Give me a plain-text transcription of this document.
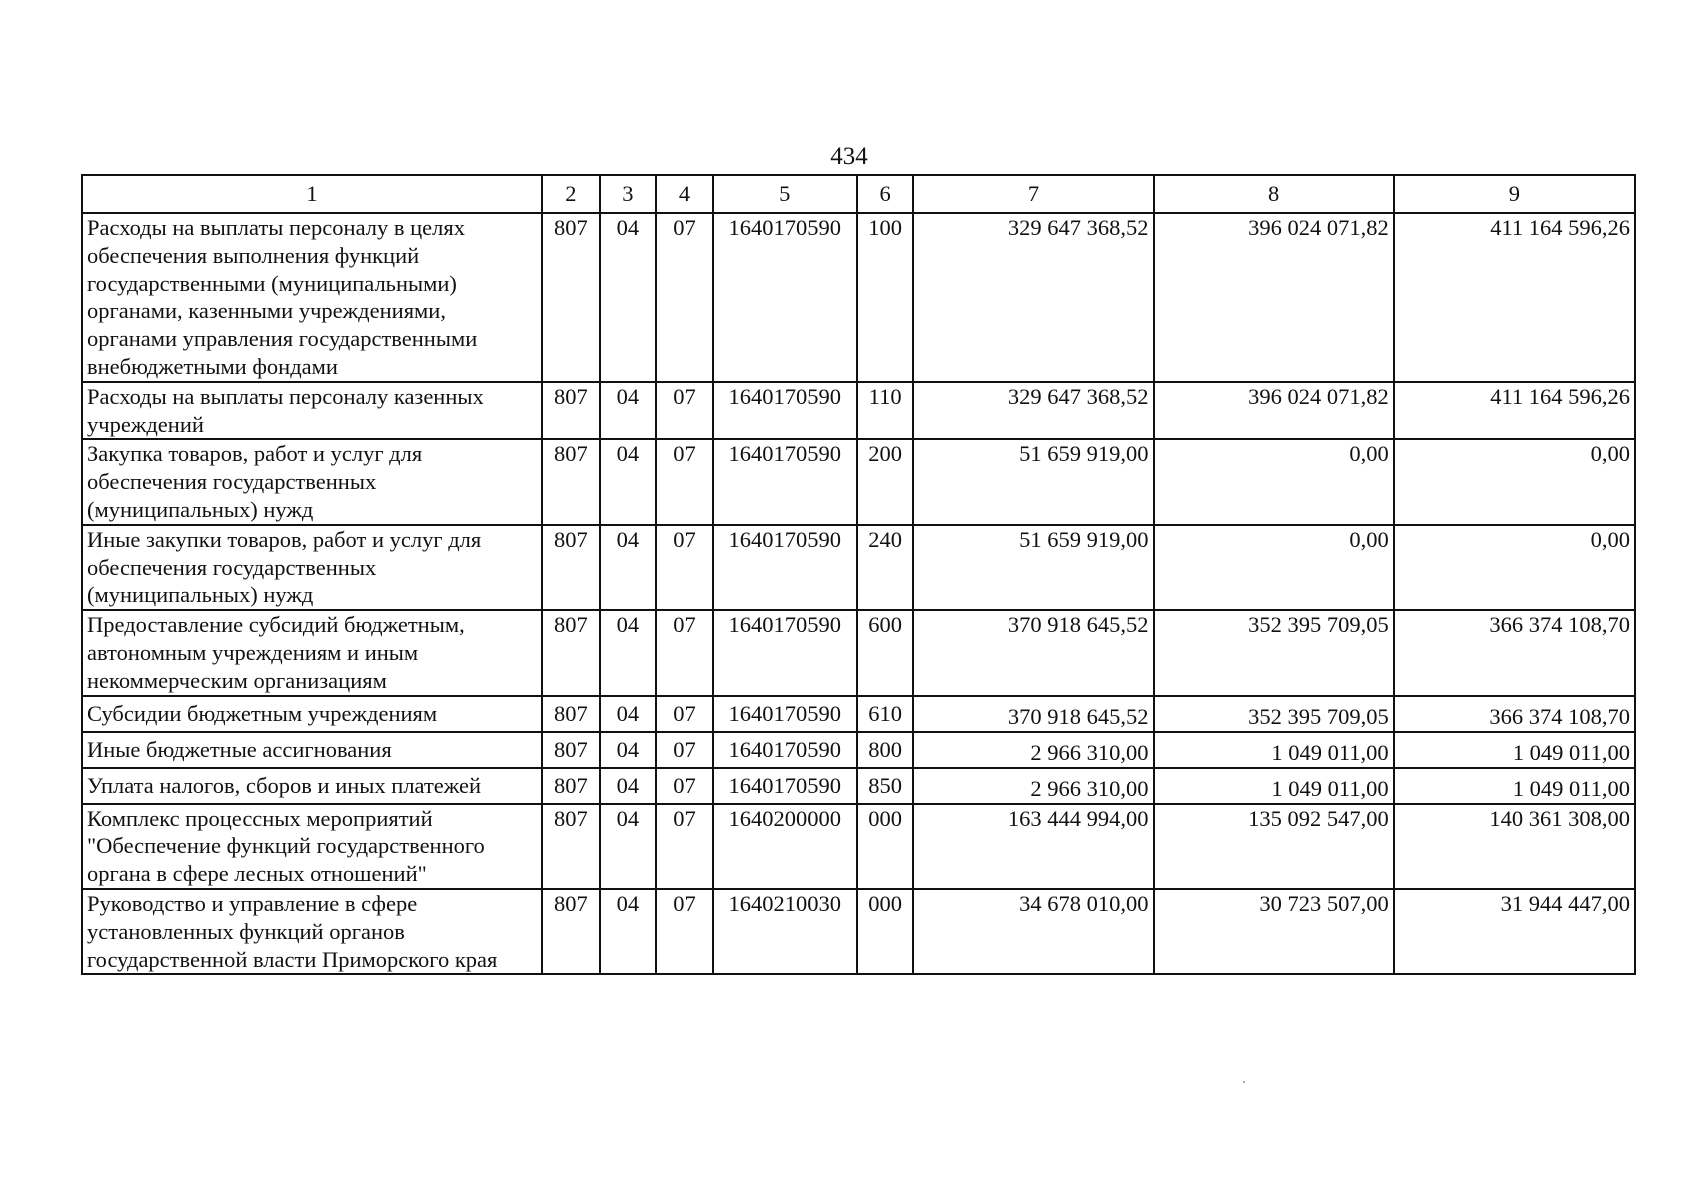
434
1	2	3	4	5	6	7	8	9
Расходы на выплаты персоналу в целях обеспечения выполнения функций государственными (муниципальными) органами, казенными учреждениями, органами управления государственными внебюджетными фондами	807	04	07	1640170590	100	329 647 368,52	396 024 071,82	411 164 596,26
Расходы на выплаты персоналу казенных учреждений	807	04	07	1640170590	110	329 647 368,52	396 024 071,82	411 164 596,26
Закупка товаров, работ и услуг для обеспечения государственных (муниципальных) нужд	807	04	07	1640170590	200	51 659 919,00	0,00	0,00
Иные закупки товаров, работ и услуг для обеспечения государственных (муниципальных) нужд	807	04	07	1640170590	240	51 659 919,00	0,00	0,00
Предоставление субсидий бюджетным, автономным учреждениям и иным некоммерческим организациям	807	04	07	1640170590	600	370 918 645,52	352 395 709,05	366 374 108,70
Субсидии бюджетным учреждениям	807	04	07	1640170590	610	370 918 645,52	352 395 709,05	366 374 108,70
Иные бюджетные ассигнования	807	04	07	1640170590	800	2 966 310,00	1 049 011,00	1 049 011,00
Уплата налогов, сборов и иных платежей	807	04	07	1640170590	850	2 966 310,00	1 049 011,00	1 049 011,00
Комплекс процессных мероприятий "Обеспечение функций государственного органа в сфере лесных отношений"	807	04	07	1640200000	000	163 444 994,00	135 092 547,00	140 361 308,00
Руководство и управление в сфере установленных функций органов государственной власти Приморского края	807	04	07	1640210030	000	34 678 010,00	30 723 507,00	31 944 447,00
